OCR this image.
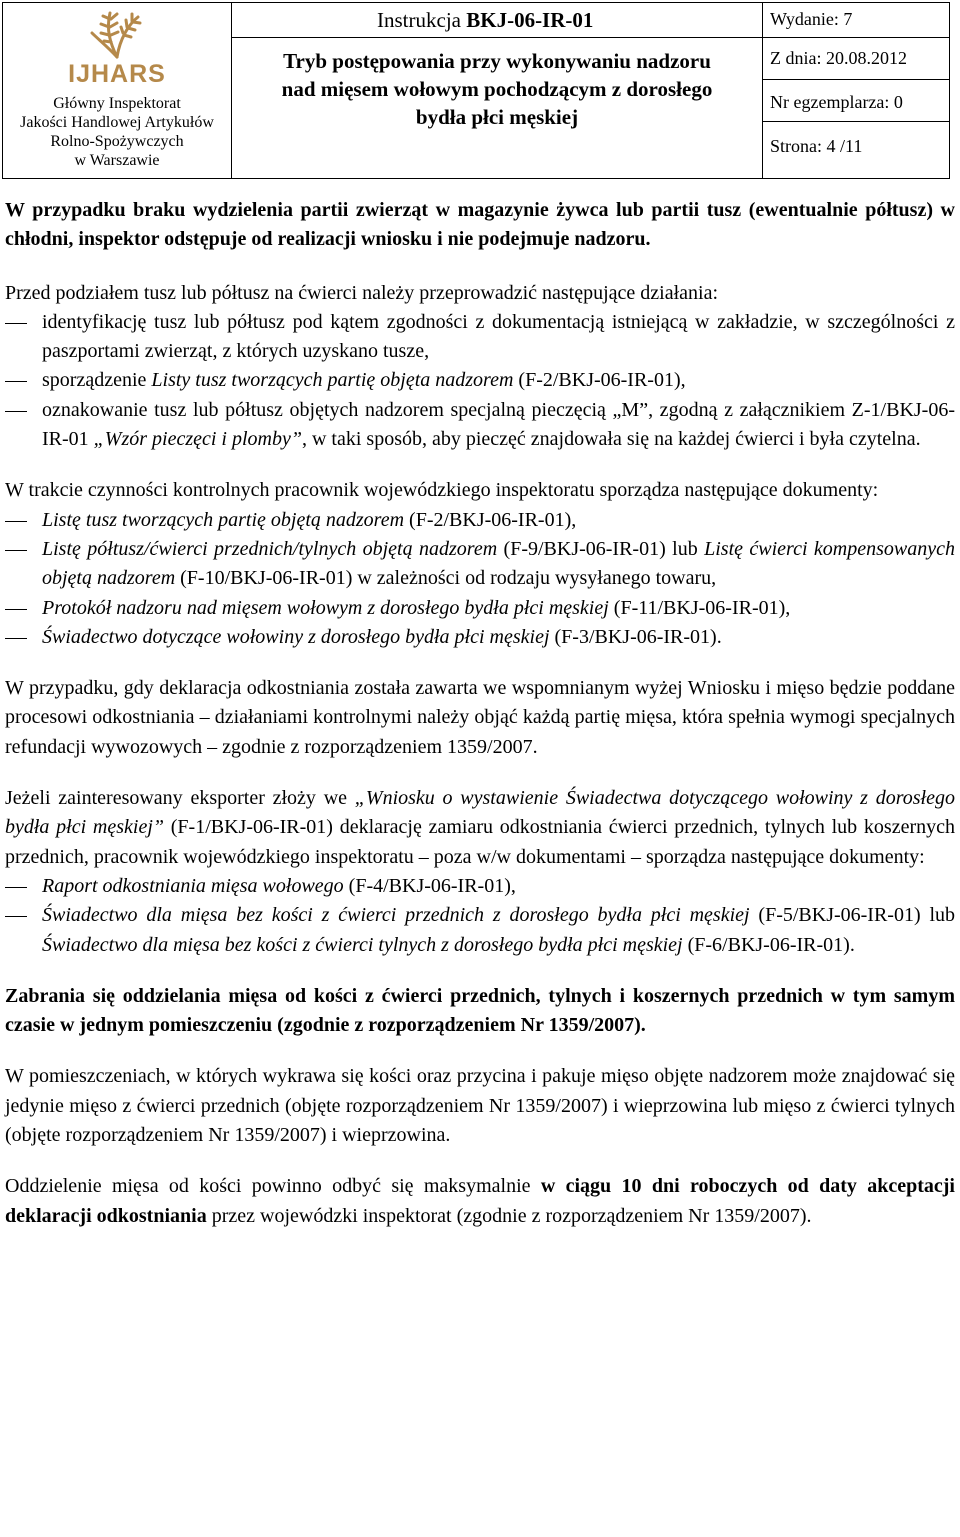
IJHARS
Główny Inspektorat
Jakości Handlowej Artykułów
Rolno-Spożywczych
w Warszawie
Instrukcja BKJ-06-IR-01
Tryb postępowania przy wykonywaniu nadzoru
nad mięsem wołowym pochodzącym z dorosłego
bydła płci męskiej
Wydanie: 7
Z dnia: 20.08.2012
Nr egzemplarza: 0
Strona: 4 /11

W przypadku braku wydzielenia partii zwierząt w magazynie żywca lub partii tusz (ewentualnie półtusz) w chłodni, inspektor odstępuje od realizacji wniosku i nie podejmuje nadzoru.

Przed podziałem tusz lub półtusz na ćwierci należy przeprowadzić następujące działania:

identyfikację tusz lub półtusz pod kątem zgodności z dokumentacją istniejącą w zakładzie, w szczególności z paszportami zwierząt, z których uzyskano tusze,
sporządzenie Listy tusz tworzących partię objęta nadzorem (F-2/BKJ-06-IR-01),
oznakowanie tusz lub półtusz objętych nadzorem specjalną pieczęcią „M”, zgodną z załącznikiem Z-1/BKJ-06-IR-01 „Wzór pieczęci i plomby”, w taki sposób, aby pieczęć znajdowała się na każdej ćwierci i była czytelna.

W trakcie czynności kontrolnych pracownik wojewódzkiego inspektoratu sporządza następujące dokumenty:

Listę tusz tworzących partię objętą nadzorem (F-2/BKJ-06-IR-01),
Listę półtusz/ćwierci przednich/tylnych objętą nadzorem (F-9/BKJ-06-IR-01) lub Listę ćwierci kompensowanych objętą nadzorem (F-10/BKJ-06-IR-01) w zależności od rodzaju wysyłanego towaru,
Protokół nadzoru nad mięsem wołowym z dorosłego bydła płci męskiej (F-11/BKJ-06-IR-01),
Świadectwo dotyczące wołowiny z dorosłego bydła płci męskiej (F-3/BKJ-06-IR-01).

W przypadku, gdy deklaracja odkostniania została zawarta we wspomnianym wyżej Wniosku i mięso będzie poddane procesowi odkostniania – działaniami kontrolnymi należy objąć każdą partię mięsa, która spełnia wymogi specjalnych refundacji wywozowych – zgodnie z rozporządzeniem 1359/2007.

Jeżeli zainteresowany eksporter złoży we „Wniosku o wystawienie Świadectwa dotyczącego wołowiny z dorosłego bydła płci męskiej” (F-1/BKJ-06-IR-01) deklarację zamiaru odkostniania ćwierci przednich, tylnych lub koszernych przednich, pracownik wojewódzkiego inspektoratu – poza w/w dokumentami – sporządza następujące dokumenty:

Raport odkostniania mięsa wołowego (F-4/BKJ-06-IR-01),
Świadectwo dla mięsa bez kości z ćwierci przednich z dorosłego bydła płci męskiej (F-5/BKJ-06-IR-01) lub Świadectwo dla mięsa bez kości z ćwierci tylnych z dorosłego bydła płci męskiej (F-6/BKJ-06-IR-01).

Zabrania się oddzielania mięsa od kości z ćwierci przednich, tylnych i koszernych przednich w tym samym czasie w jednym pomieszczeniu (zgodnie z rozporządzeniem Nr 1359/2007).

W pomieszczeniach, w których wykrawa się kości oraz przycina i pakuje mięso objęte nadzorem może znajdować się jedynie mięso z ćwierci przednich (objęte rozporządzeniem Nr 1359/2007) i wieprzowina lub mięso z ćwierci tylnych (objęte rozporządzeniem Nr 1359/2007) i wieprzowina.

Oddzielenie mięsa od kości powinno odbyć się maksymalnie w ciągu 10 dni roboczych od daty akceptacji deklaracji odkostniania przez wojewódzki inspektorat (zgodnie z rozporządzeniem Nr 1359/2007).
